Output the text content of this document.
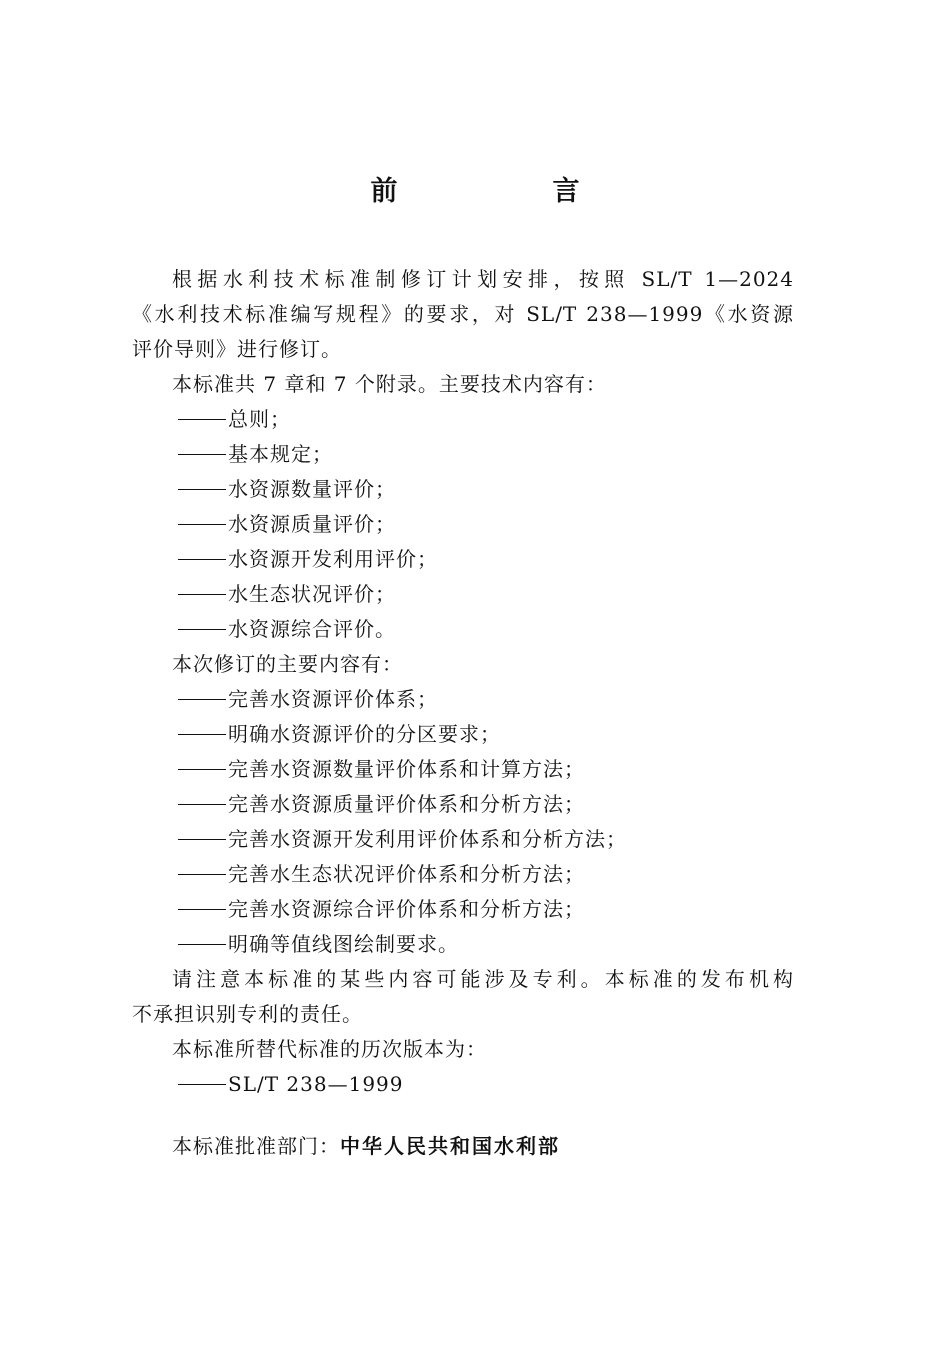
前　言

根据水利技术标准制修订计划安排，按照 SL/T 1—2024

《水利技术标准编写规程》的要求，对 SL/T 238—1999《水资源

评价导则》进行修订。

本标准共 7 章和 7 个附录。主要技术内容有：

总则；

基本规定；

水资源数量评价；

水资源质量评价；

水资源开发利用评价；

水生态状况评价；

水资源综合评价。

本次修订的主要内容有：

完善水资源评价体系；

明确水资源评价的分区要求；

完善水资源数量评价体系和计算方法；

完善水资源质量评价体系和分析方法；

完善水资源开发利用评价体系和分析方法；

完善水生态状况评价体系和分析方法；

完善水资源综合评价体系和分析方法；

明确等值线图绘制要求。

请注意本标准的某些内容可能涉及专利。本标准的发布机构

不承担识别专利的责任。

本标准所替代标准的历次版本为：

SL/T 238—1999

本标准批准部门：中华人民共和国水利部
